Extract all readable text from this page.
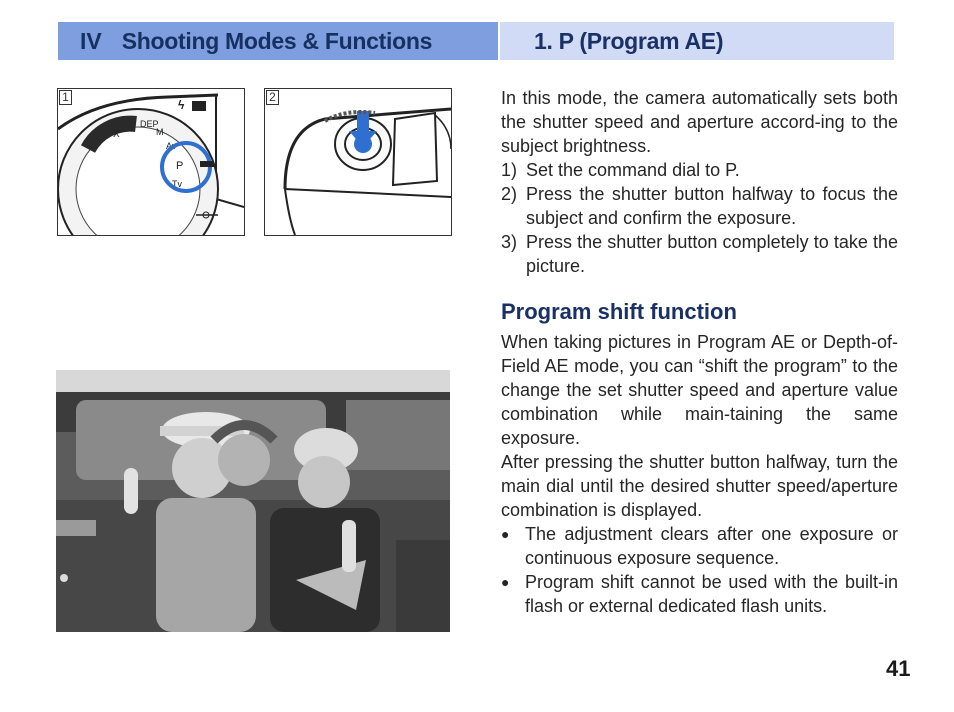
IV Shooting Modes & Functions	1. P (Program AE)
1
X
DEP
M
Av
P
Tv
ϟ
2	In this mode, the camera automatically sets both the shutter speed and aperture accord-ing to the subject brightness.

1) Set the command dial to P.
2) Press the shutter button halfway to focus the subject and confirm the exposure.
3) Press the shutter button completely to take the picture.
Program shift function

When taking pictures in Program AE or Depth-of-Field AE mode, you can “shift the program” to the change the set shutter speed and aperture value combination while main-taining the same exposure.

After pressing the shutter button halfway, turn the main dial until the desired shutter speed/aperture combination is displayed.

● The adjustment clears after one exposure or continuous exposure sequence.
● Program shift cannot be used with the built-in flash or external dedicated flash units.
41
